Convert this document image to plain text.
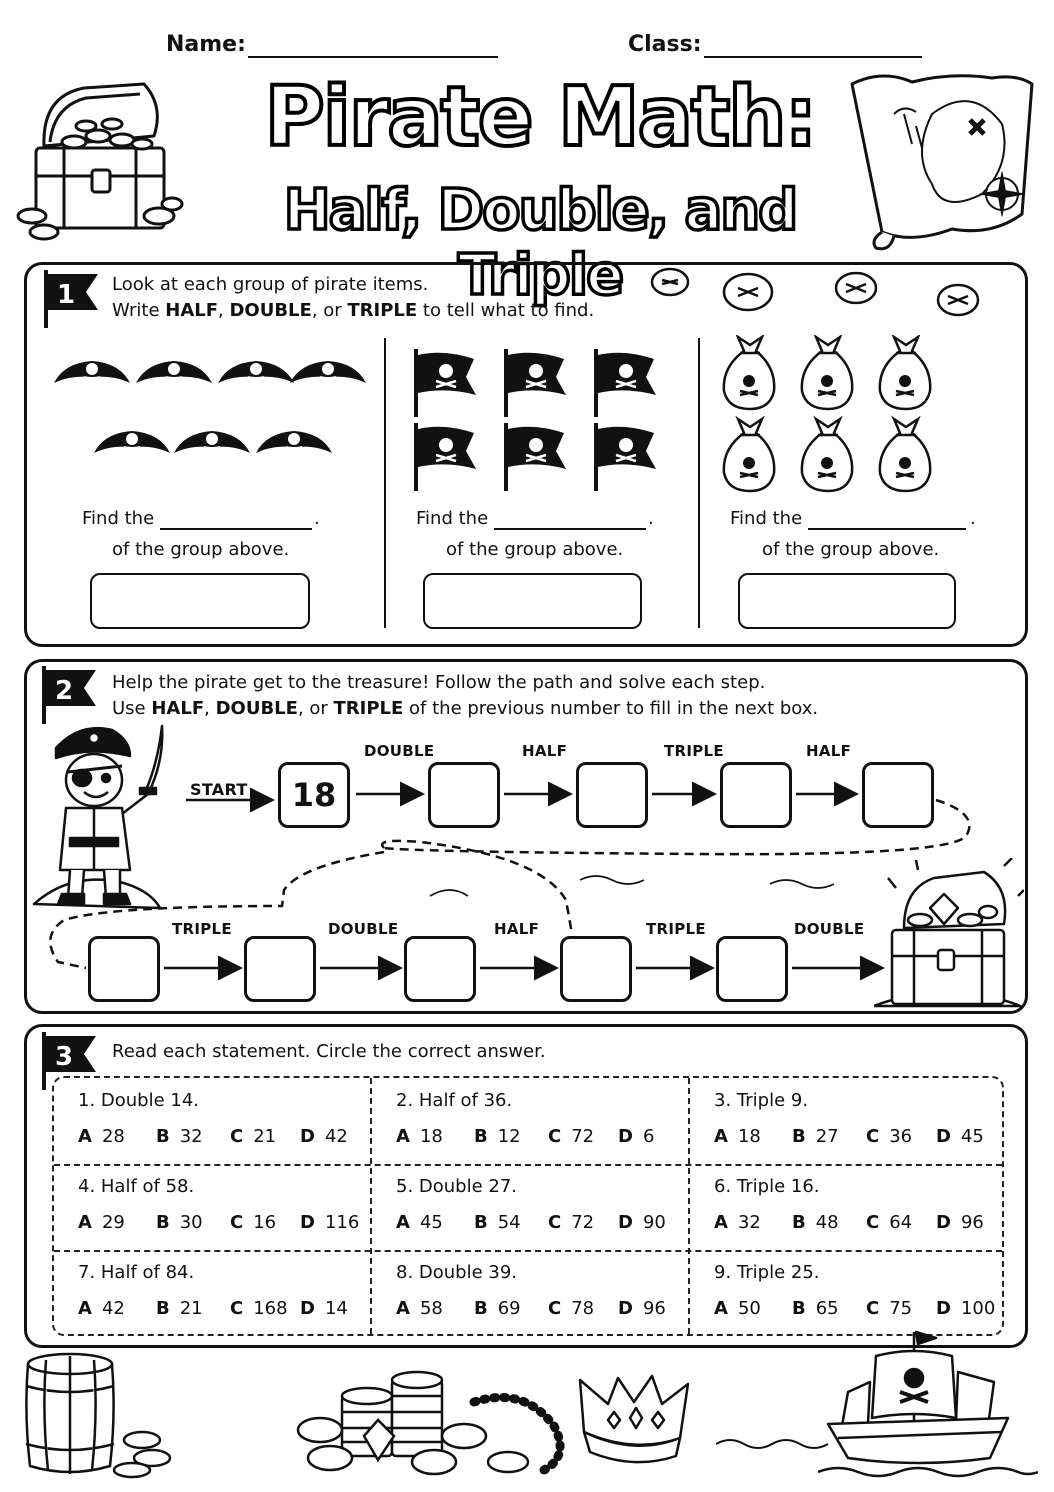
Name:	Class:
Pirate Math:
Half, Double, and Triple
1 Look at each group of pirate items.
Write HALF, DOUBLE, or TRIPLE to tell what to find.
Find the	.
of the group above.
Find the	.
of the group above.
Find the	.
of the group above.
2 Help the pirate get to the treasure! Follow the path and solve each step.
Use HALF, DOUBLE, or TRIPLE of the previous number to fill in the next box.
START	18
DOUBLE	HALF	TRIPLE	HALF
TRIPLE	DOUBLE	HALF	TRIPLE	DOUBLE
3 Read each statement. Circle the correct answer.
1. Double 14.
A 28 B 32 C 21 D 42
2. Half of 36.
A 18 B 12 C 72 D 6
3. Triple 9.
A 18 B 27 C 36 D 45
4. Half of 58.
A 29 B 30 C 16 D 116
5. Double 27.
A 45 B 54 C 72 D 90
6. Triple 16.
A 32 B 48 C 64 D 96
7. Half of 84.
A 42 B 21 C 168 D 14
8. Double 39.
A 58 B 69 C 78 D 96
9. Triple 25.
A 50 B 65 C 75 D 100
